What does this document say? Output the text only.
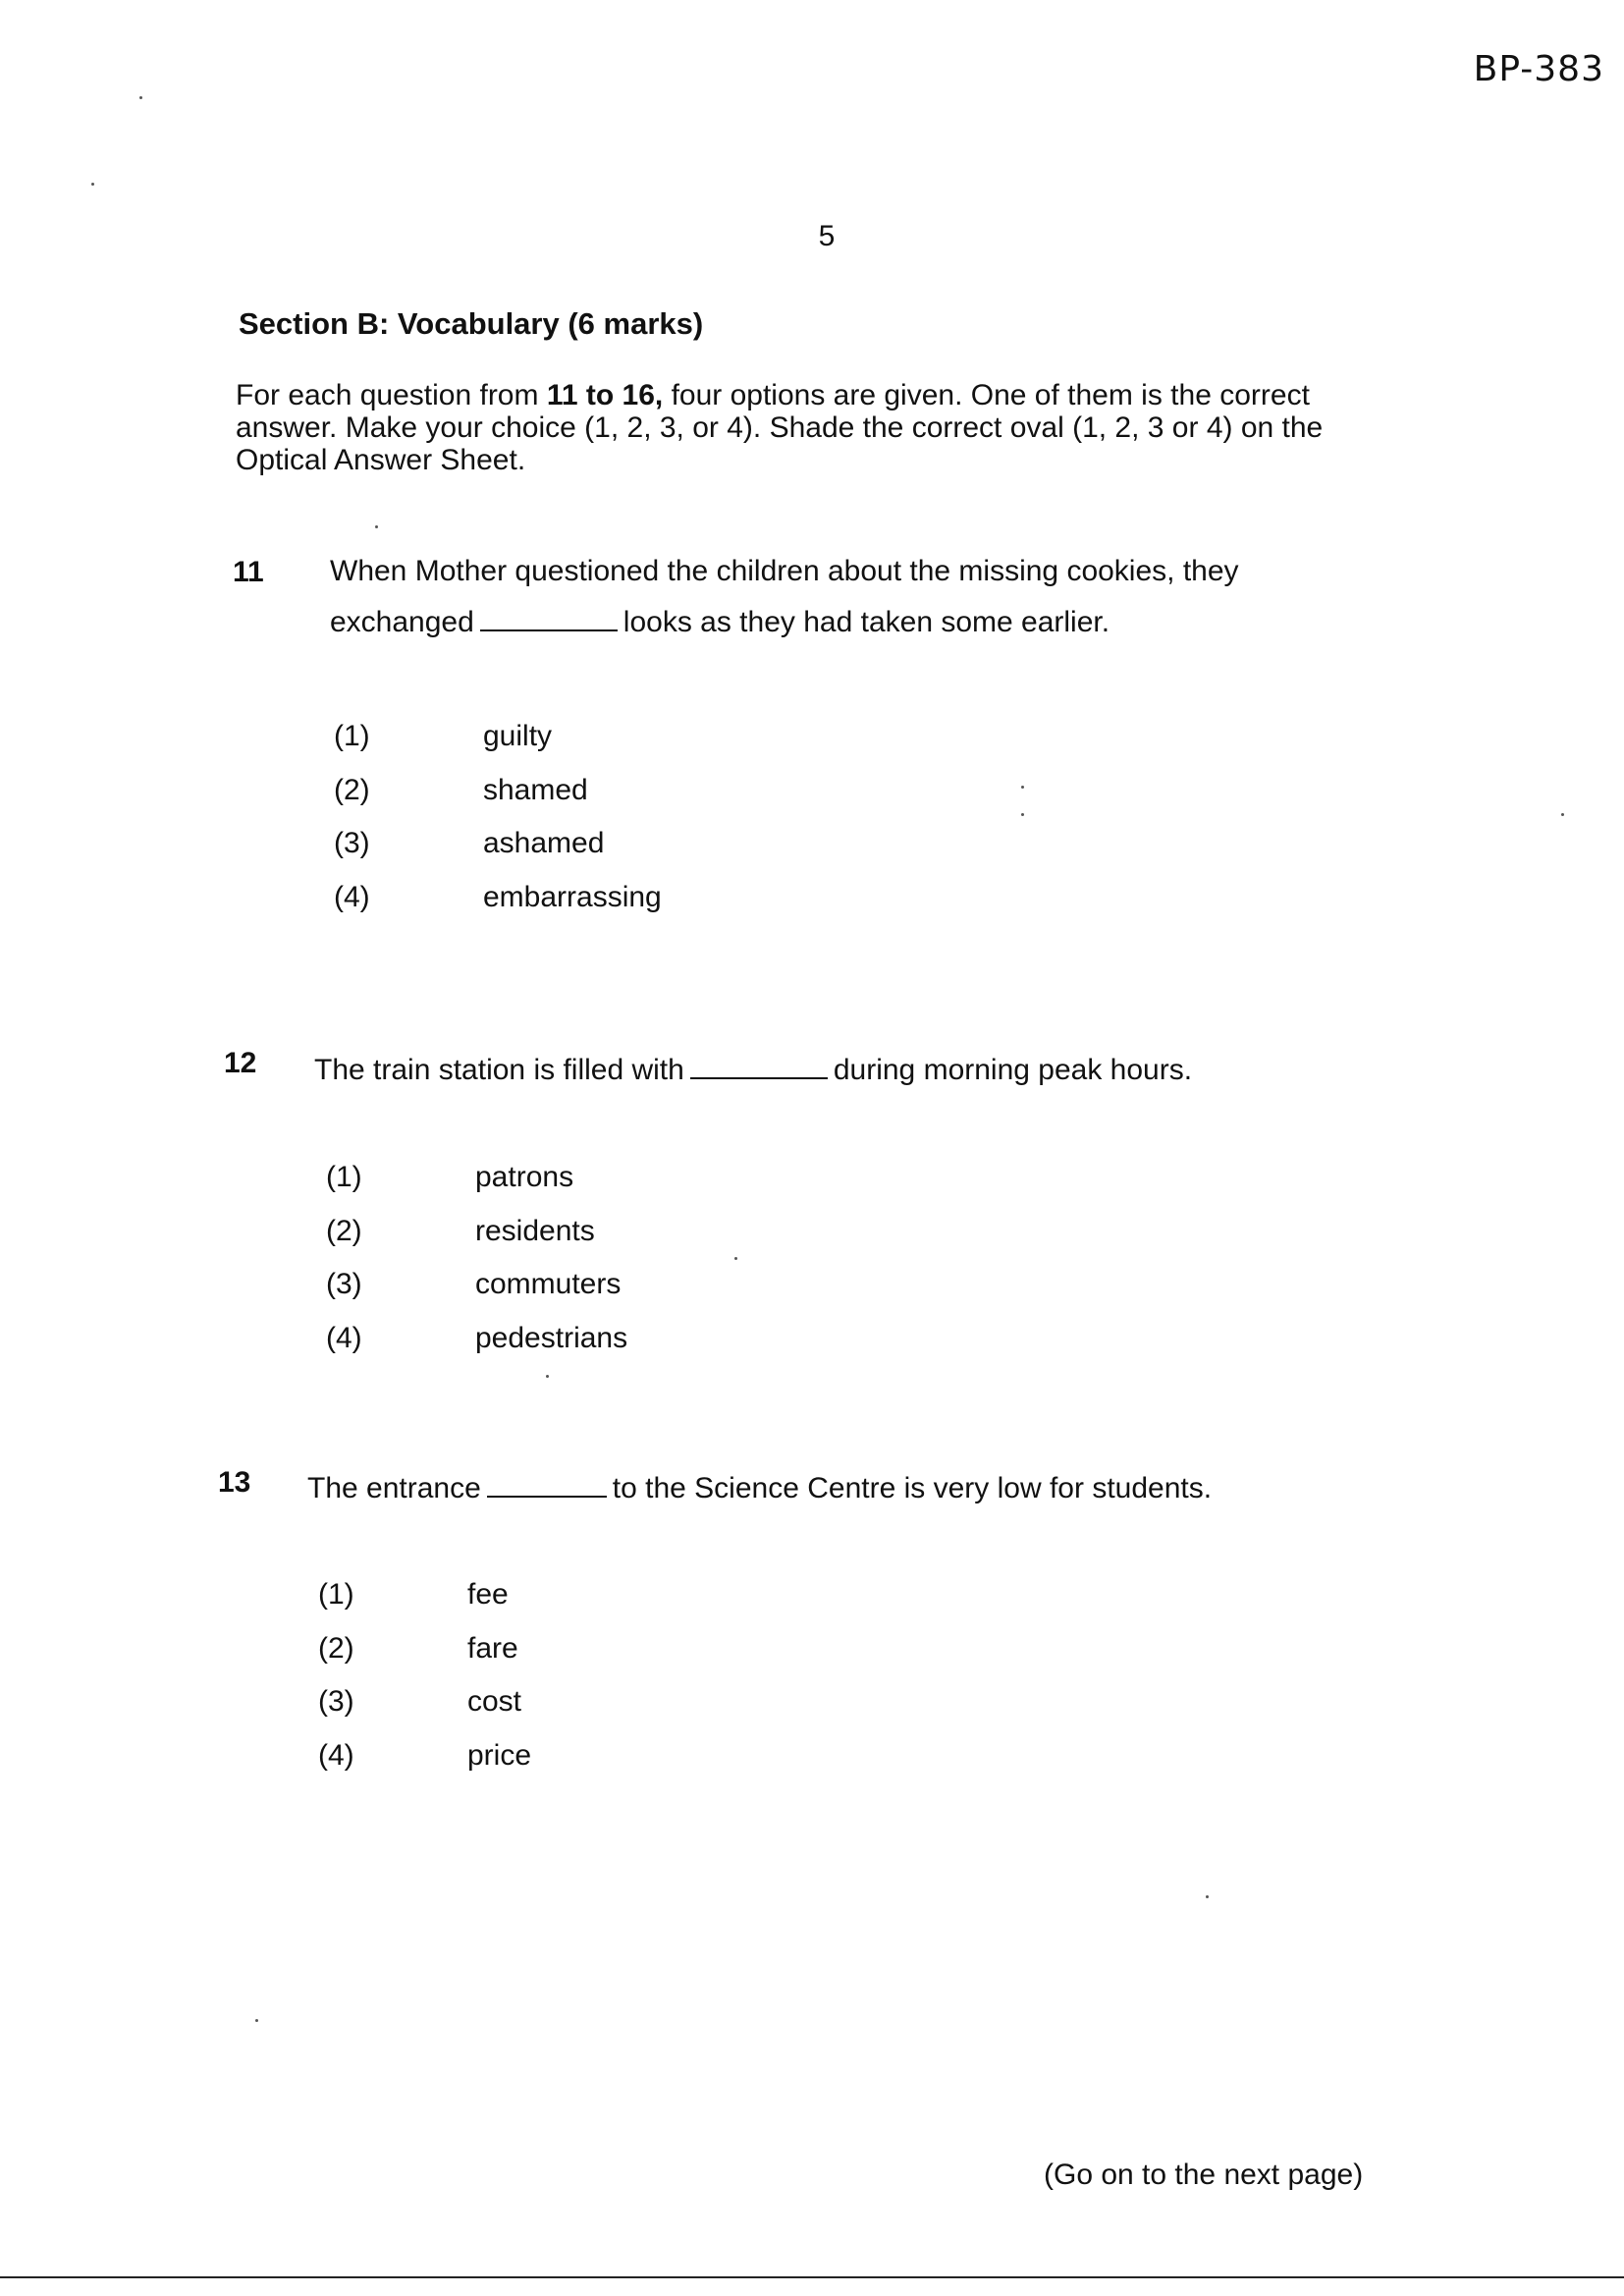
BP-383
5
Section B: Vocabulary (6 marks)
For each question from 11 to 16, four options are given. One of them is the correct answer. Make your choice (1, 2, 3, or 4). Shade the correct oval (1, 2, 3 or 4) on the Optical Answer Sheet.
11 When Mother questioned the children about the missing cookies, they exchanged	looks as they had taken some earlier.
(1)	guilty
(2)	shamed
(3)	ashamed
(4)	embarrassing
12 The train station is filled with	during morning peak hours.
(1)	patrons
(2)	residents
(3)	commuters
(4)	pedestrians
13 The entrance	to the Science Centre is very low for students.
(1)	fee
(2)	fare
(3)	cost
(4)	price
(Go on to the next page)
